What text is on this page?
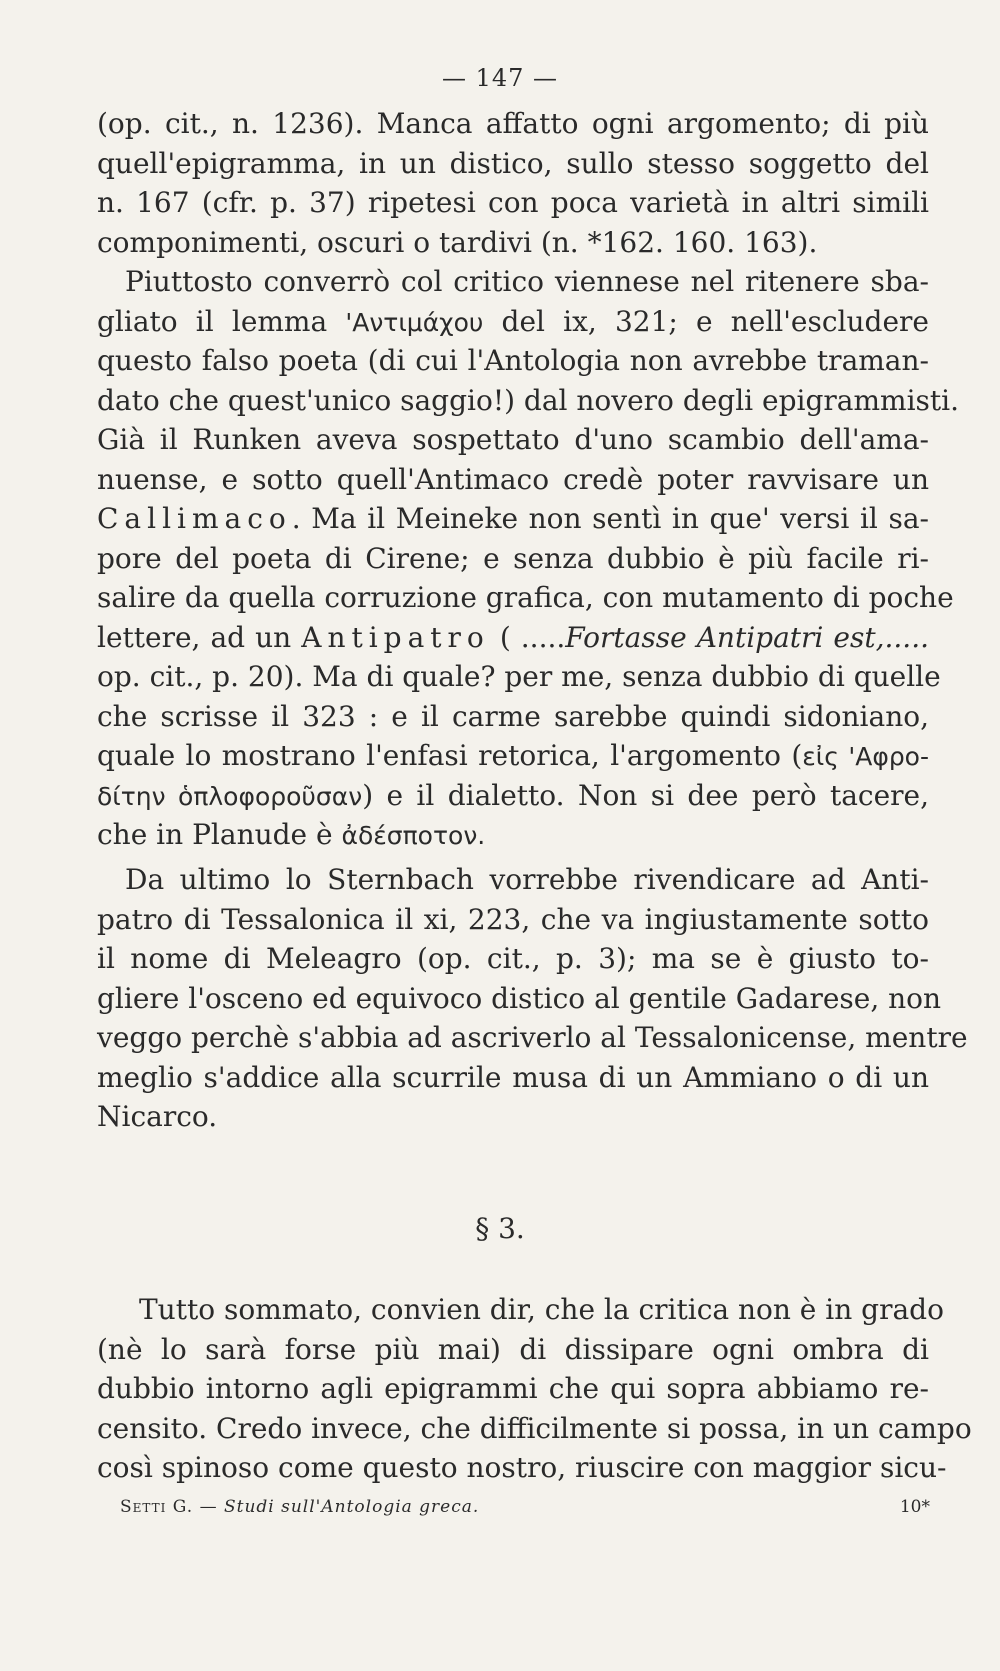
— 147 —
(op. cit., n. 1236). Manca affatto ogni argomento; di più
quell'epigramma, in un distico, sullo stesso soggetto del
n. 167 (cfr. p. 37) ripetesi con poca varietà in altri simili
componimenti, oscuri o tardivi (n. *162. 160. 163).
Piuttosto converrò col critico viennese nel ritenere sba-
gliato il lemma 'Αντιμάχου del ix, 321; e nell'escludere
questo falso poeta (di cui l'Antologia non avrebbe traman-
dato che quest'unico saggio!) dal novero degli epigrammisti.
Già il Runken aveva sospettato d'uno scambio dell'ama-
nuense, e sotto quell'Antimaco credè poter ravvisare un
Callimaco. Ma il Meineke non sentì in que' versi il sa-
pore del poeta di Cirene; e senza dubbio è più facile ri-
salire da quella corruzione grafica, con mutamento di poche
lettere, ad un Antipatro ( .....Fortasse Antipatri est,.....
op. cit., p. 20). Ma di quale? per me, senza dubbio di quelle
che scrisse il 323 : e il carme sarebbe quindi sidoniano,
quale lo mostrano l'enfasi retorica, l'argomento (εἰς 'Αφρο-
δίτην ὁπλοφοροῦσαν) e il dialetto. Non si dee però tacere,
che in Planude è ἀδέσποτον.
Da ultimo lo Sternbach vorrebbe rivendicare ad Anti-
patro di Tessalonica il xi, 223, che va ingiustamente sotto
il nome di Meleagro (op. cit., p. 3); ma se è giusto to-
gliere l'osceno ed equivoco distico al gentile Gadarese, non
veggo perchè s'abbia ad ascriverlo al Tessalonicense, mentre
meglio s'addice alla scurrile musa di un Ammiano o di un
Nicarco.
§ 3.
Tutto sommato, convien dir, che la critica non è in grado
(nè lo sarà forse più mai) di dissipare ogni ombra di
dubbio intorno agli epigrammi che qui sopra abbiamo re-
censito. Credo invece, che difficilmente si possa, in un campo
così spinoso come questo nostro, riuscire con maggior sicu-
Setti G. — Studi sull'Antologia greca.	10*
